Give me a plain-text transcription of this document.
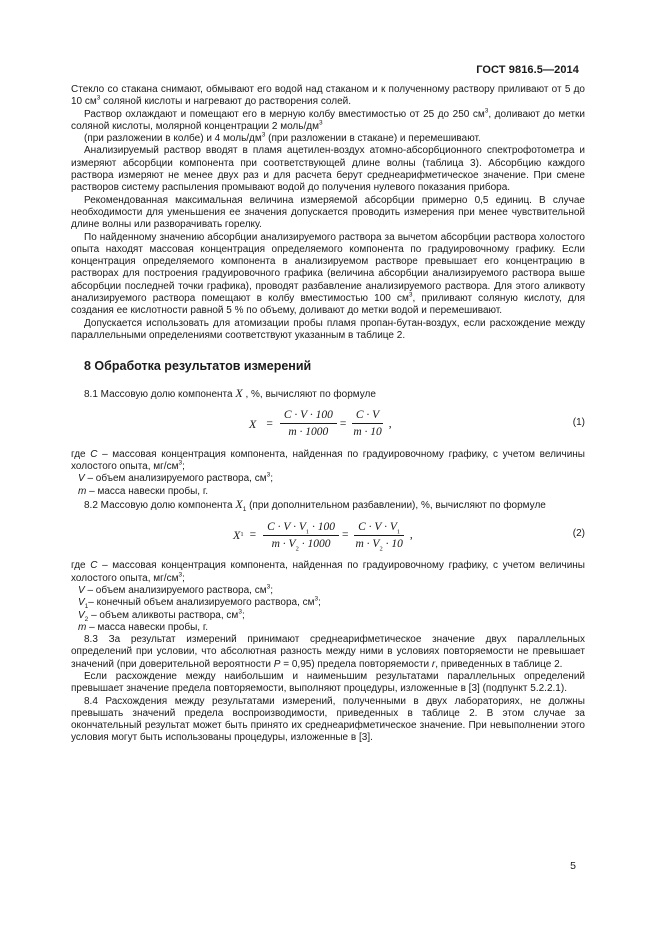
ГОСТ 9816.5—2014

Стекло со стакана снимают, обмывают его водой над стаканом и к полученному раствору приливают от 5 до 10 $см^3$ соляной кислоты и нагревают до растворения солей.

Раствор охлаждают и помещают его в мерную колбу вместимостью от 25 до 250 $см^3$, доливают до метки соляной кислоты, молярной концентрации 2 моль/$дм^3$

(при разложении в колбе) и 4 моль/$дм^3$ (при разложении в стакане) и перемешивают.

Анализируемый раствор вводят в пламя ацетилен-воздух атомно-абсорбционного спектрофотометра и измеряют абсорбции компонента при соответствующей длине волны (таблица 3). Абсорбцию каждого раствора измеряют не менее двух раз и для расчета берут среднеарифметическое значение. При смене растворов систему распыления промывают водой до получения нулевого показания прибора.

Рекомендованная максимальная величина измеряемой абсорбции примерно 0,5 единиц. В случае необходимости для уменьшения ее значения допускается проводить измерения при менее чувствительной длине волны или разворачивать горелку.

По найденному значению абсорбции анализируемого раствора за вычетом абсорбции раствора холостого опыта находят массовая концентрация определяемого компонента по градуировочному графику. Если концентрация определяемого компонента в анализируемом растворе превышает его концентрацию в растворах для построения градуировочного графика (величина абсорбции анализируемого раствора выше абсорбции последней точки графика), проводят разбавление анализируемого раствора. Для этого аликвоту анализируемого раствора помещают в колбу вместимостью 100 $см^3$, приливают соляную кислоту, для создания ее кислотности равной 5 % по объему, доливают до метки водой и перемешивают.

Допускается использовать для атомизации пробы пламя пропан-бутан-воздух, если расхождение между параллельными определениями соответствуют указанным в таблице 2.

8 Обработка результатов измерений

8.1 Массовую долю компонента X , %, вычисляют по формуле

$X = \frac{C \cdot V \cdot 100}{m \cdot 1000} = \frac{C \cdot V}{m \cdot 10}$ ,	(1)

где C – массовая концентрация компонента, найденная по градуировочному графику, с учетом величины холостого опыта, $мг/см^3$;

V – объем анализируемого раствора, $см^3$;

m – масса навески пробы, г.

8.2 Массовую долю компонента $X_1$ (при дополнительном разбавлении), %, вычисляют по формуле

X $1 = \frac{C \cdot V \cdot V_1 \cdot 100}{m \cdot V_2 \cdot 1000} = \frac{C \cdot V \cdot V_1}{m \cdot V_2 \cdot 10}$ ,	(2)

где C – массовая концентрация компонента, найденная по градуировочному графику, с учетом величины холостого опыта, $мг/см^3$;

V – объем анализируемого раствора, $см^3$;

$V_1-$ конечный объем анализируемого раствора, $см^3$;

$V_2$ – объем аликвоты раствора, $см^3$;

m – масса навески пробы, г.

8.3 За результат измерений принимают среднеарифметическое значение двух параллельных определений при условии, что абсолютная разность между ними в условиях повторяемости не превышает значений (при доверительной вероятности P = 0,95) предела повторяемости r, приведенных в таблице 2.

Если расхождение между наибольшим и наименьшим результатами параллельных определений превышает значение предела повторяемости, выполняют процедуры, изложенные в [3] (подпункт 5.2.2.1).

8.4 Расхождения между результатами измерений, полученными в двух лабораториях, не должны превышать значений предела воспроизводимости, приведенных в таблице 2. В этом случае за окончательный результат может быть принято их среднеарифметическое значение. При невыполнении этого условия могут быть использованы процедуры, изложенные в [3].

5
